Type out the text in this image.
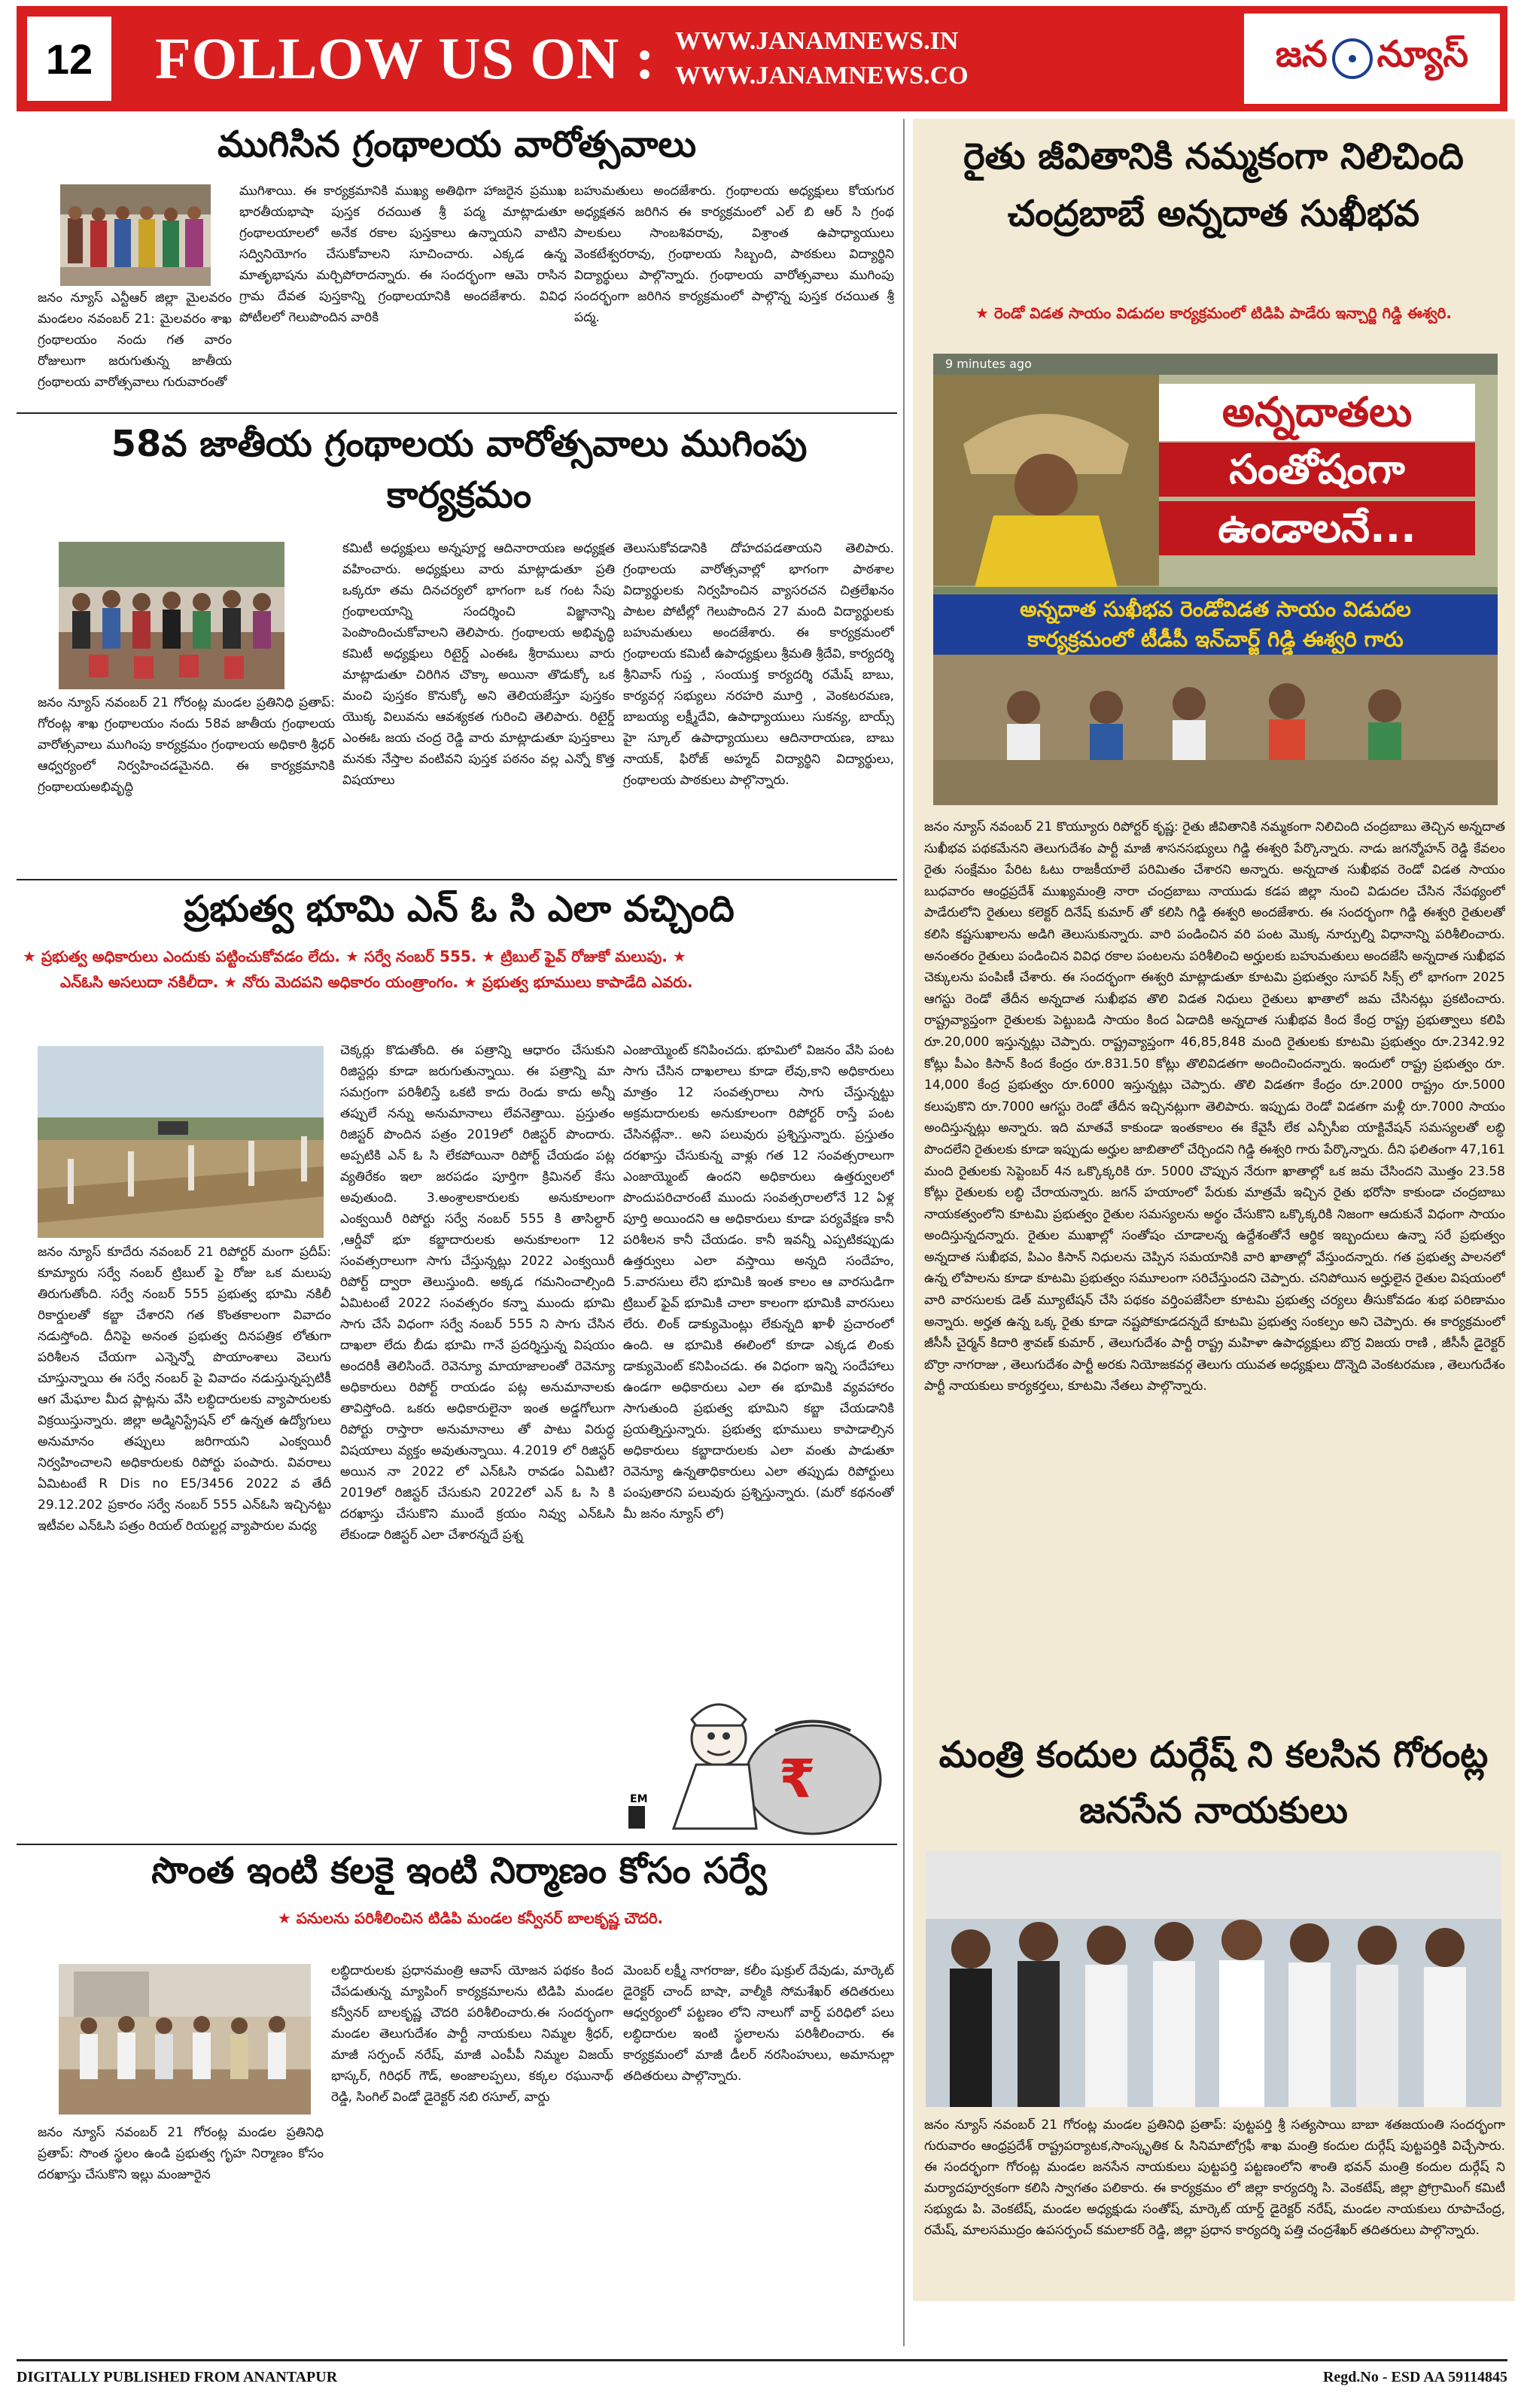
12	FOLLOW US ON : WWW.JANAMNEWS.IN
WWW.JANAMNEWS.CO
జన న్యూస్
ముగిసిన గ్రంథాలయ వారోత్సవాలు
జనం న్యూస్ ఎన్టీఆర్ జిల్లా మైలవరం మండలం నవంబర్ 21: మైలవరం శాఖ గ్రంథాలయం నందు గత వారం రోజులుగా జరుగుతున్న జాతీయ గ్రంథాలయ వారోత్సవాలు గురువారంతో
ముగిశాయి. ఈ కార్యక్రమానికి ముఖ్య అతిథిగా హాజరైన ప్రముఖ భారతీయభాషా పుస్తక రచయిత శ్రీ పద్మ మాట్లాడుతూ గ్రంథాలయాలలో అనేక రకాల పుస్తకాలు ఉన్నాయని వాటిని సద్వినియోగం చేసుకోవాలని సూచించారు. ఎక్కడ ఉన్న మాతృభాషను మర్చిపోరాదన్నారు. ఈ సందర్భంగా ఆమె రాసిన గ్రామ దేవత పుస్తకాన్ని గ్రంథాలయానికి అందజేశారు. వివిధ పోటీలలో గెలుపొందిన వారికి
బహుమతులు అందజేశారు. గ్రంథాలయ అధ్యక్షులు కోయగుర అధ్యక్షతన జరిగిన ఈ కార్యక్రమంలో ఎల్ బి ఆర్ సి గ్రంథ పాలకులు సాంబశివరావు, విశ్రాంత ఉపాధ్యాయులు వెంకటేశ్వరరావు, గ్రంథాలయ సిబ్బంది, పాఠకులు విద్యార్థిని విద్యార్థులు పాల్గొన్నారు. గ్రంథాలయ వారోత్సవాలు ముగింపు సందర్భంగా జరిగిన కార్యక్రమంలో పాల్గొన్న పుస్తక రచయిత శ్రీ పద్మ.
58వ జాతీయ గ్రంథాలయ వారోత్సవాలు ముగింపు కార్యక్రమం
జనం న్యూస్ నవంబర్ 21 గోరంట్ల మండల ప్రతినిధి ప్రతాప్: గోరంట్ల శాఖ గ్రంథాలయం నందు 58వ జాతీయ గ్రంథాలయ వారోత్సవాలు ముగింపు కార్యక్రమం గ్రంథాలయ అధికారి శ్రీధర్ ఆధ్వర్యంలో నిర్వహించడమైనది. ఈ కార్యక్రమానికి గ్రంథాలయఅభివృద్ధి
కమిటీ అధ్యక్షులు అన్నపూర్ణ ఆదినారాయణ అధ్యక్షత వహించారు. అధ్యక్షులు వారు మాట్లాడుతూ ప్రతి ఒక్కరూ తమ దినచర్యలో భాగంగా ఒక గంట సేపు గ్రంథాలయాన్ని సందర్శించి విజ్ఞానాన్ని పెంపొందించుకోవాలని తెలిపారు. గ్రంథాలయ అభివృద్ధి కమిటీ అధ్యక్షులు రిటైర్డ్ ఎంఈఓ శ్రీరాములు వారు మాట్లాడుతూ చిరిగిన చొక్కా అయినా తొడుక్కో ఒక మంచి పుస్తకం కొనుక్కో అని తెలియజేస్తూ పుస్తకం యొక్క విలువను ఆవశ్యకత గురించి తెలిపారు. రిటైర్డ్ ఎంఈఓ జయ చంద్ర రెడ్డి వారు మాట్లాడుతూ పుస్తకాలు మనకు నేస్తాల వంటివని పుస్తక పఠనం వల్ల ఎన్నో కొత్త విషయాలు
తెలుసుకోవడానికి దోహదపడతాయని తెలిపారు. గ్రంథాలయ వారోత్సవాల్లో భాగంగా పాఠశాల విద్యార్థులకు నిర్వహించిన వ్యాసరచన చిత్రలేఖనం పాటల పోటీల్లో గెలుపొందిన 27 మంది విద్యార్థులకు బహుమతులు అందజేశారు. ఈ కార్యక్రమంలో గ్రంథాలయ కమిటీ ఉపాధ్యక్షులు శ్రీమతి శ్రీదేవి, కార్యదర్శి శ్రీనివాస్ గుప్త , సంయుక్త కార్యదర్శి రమేష్ బాబు, కార్యవర్గ సభ్యులు నరహరి మూర్తి , వెంకటరమణ, బాబయ్య లక్ష్మీదేవి, ఉపాధ్యాయులు సుకన్య, బాయ్స్ హై స్కూల్ ఉపాధ్యాయులు ఆదినారాయణ, బాబు నాయక్, ఫిరోజ్ అహ్మద్ విద్యార్థిని విద్యార్థులు, గ్రంథాలయ పాఠకులు పాల్గొన్నారు.
ప్రభుత్వ భూమి ఎన్ ఓ సి ఎలా వచ్చింది
★ ప్రభుత్వ అధికారులు ఎందుకు పట్టించుకోవడం లేదు. ★ సర్వే నంబర్ 555. ★ ట్రిబుల్ ఫైవ్ రోజుకో మలుపు. ★
ఎన్ఓసి అసలుదా నకిలీదా. ★ నోరు మెదపని అధికారం యంత్రాంగం. ★ ప్రభుత్వ భూములు కాపాడేది ఎవరు.
జనం న్యూస్ కూదేరు నవంబర్ 21 రిపోర్టర్ మంగా ప్రదీప్: కూమ్యారు సర్వే నంబర్ ట్రిబుల్ ఫై రోజు ఒక మలుపు తిరుగుతోంది. సర్వే నంబర్ 555 ప్రభుత్వ భూమి నకిలీ రికార్డులతో కబ్జా చేశారని గత కొంతకాలంగా వివాదం నడుస్తోంది. దీనిపై అనంత ప్రభుత్వ దినపత్రిక లోతుగా పరిశీలన చేయగా ఎన్నెన్నో పొయాంశాలు వెలుగు చూస్తున్నాయి ఈ సర్వే నంబర్ పై వివాదం నడుస్తున్నప్పటికీ ఆగ మేఘాల మీద ప్లాట్లను వేసి లబ్ధిదారులకు వ్యాపారులకు విక్రయిస్తున్నారు. జిల్లా అడ్మినిస్ట్రేషన్ లో ఉన్నత ఉద్యోగులు అనుమానం తప్పులు జరిగాయని ఎంక్వయిరీ నిర్వహించాలని అధికారులకు రిపోర్టు పంపారు. వివరాలు ఏమిటంటే R Dis no E5/3456 2022 వ తేదీ 29.12.202 ప్రకారం సర్వే నంబర్ 555 ఎన్ఓసి ఇచ్చినట్టు ఇటీవల ఎన్ఓసి పత్రం రియల్ రియల్టర్ల వ్యాపారుల మధ్య
చెక్కర్లు కొడుతోంది. ఈ పత్రాన్ని ఆధారం చేసుకుని రిజిస్టర్లు కూడా జరుగుతున్నాయి. ఈ పత్రాన్ని మా సమగ్రంగా పరిశీలిస్తే ఒకటి కాదు రెండు కాదు అన్నీ తప్పులే నన్ను అనుమానాలు లేవనెత్తాయి. ప్రస్తుతం రిజిస్టర్ పొందిన పత్రం 2019లో రిజిస్టర్ పొందారు. అప్పటికి ఎన్ ఓ సి లేకపోయినా రిపోర్ట్ చేయడం పట్ల వ్యతిరేకం ఇలా జరపడం పూర్తిగా క్రిమినల్ కేసు అవుతుంది. 3.అంశ్రాలకారులకు అనుకూలంగా ఎంక్వయిరీ రిపోర్టు సర్వే నంబర్ 555 కి తాసిల్దార్ ,ఆర్డీవో భూ కబ్జాదారులకు అనుకూలంగా 12 సంవత్సరాలుగా సాగు చేస్తున్నట్లు 2022 ఎంక్వయిరీ రిపోర్ట్ ద్వారా తెలుస్తుంది. అక్కడ గమనించాల్సింది ఏమిటంటే 2022 సంవత్సరం కన్నా ముందు భూమి సాగు చేసే విధంగా సర్వే నంబర్ 555 ని సాగు చేసిన దాఖలా లేదు బీడు భూమి గానే ప్రదర్శిస్తున్న విషయం అందరికీ తెలిసిందే. రెవెన్యూ మాయాజాలంతో రెవెన్యూ అధికారులు రిపోర్ట్ రాయడం పట్ల అనుమానాలకు తావిస్తోంది. ఒకరు అధికారులైనా ఇంత అడ్డగోలుగా రిపోర్టు రాస్తారా అనుమానాలు తో పాటు విరుద్ధ విషయాలు వ్యక్తం అవుతున్నాయి. 4.2019 లో రిజిస్టర్ అయిన నా 2022 లో ఎన్ఓసి రావడం ఏమిటి? 2019లో రిజిస్టర్ చేసుకుని 2022లో ఎన్ ఓ సి కి దరఖాస్తు చేసుకొని ముందే క్రయం నివ్వు ఎన్ఓసి లేకుండా రిజిస్టర్ ఎలా చేశారన్నదే ప్రశ్న
ఎంజాయ్మెంట్ కనిపించదు. భూమిలో విజనం వేసి పంట సాగు చేసిన దాఖలాలు కూడా లేవు,కాని అధికారులు మాత్రం 12 సంవత్సరాలు సాగు చేస్తున్నట్టు అక్రమదారులకు అనుకూలంగా రిపోర్టర్ రాస్తే పంట చేసినట్లేనా.. అని పలువురు ప్రశ్నిస్తున్నారు. ప్రస్తుతం దరఖాస్తు చేసుకున్న వాళ్లు గత 12 సంవత్సరాలుగా ఎంజాయ్మెంట్ ఉందని అధికారులు ఉత్తర్వులలో పొందుపరిచారంటే ముందు సంవత్సరాలలోనే 12 ఏళ్ల పూర్తి అయిందని ఆ అధికారులు కూడా పర్యవేక్షణ కానీ పరిశీలన కానీ చేయడం. కానీ ఇవన్నీ ఎప్పటికప్పుడు ఉత్తర్వులు ఎలా వస్తాయి అన్నది సందేహం, 5.వారసులు లేని భూమికి ఇంత కాలం ఆ వారసుడిగా ట్రిబుల్ ఫైవ్ భూమికి చాలా కాలంగా భూమికి వారసులు లేరు. లింక్ డాక్యుమెంట్లు లేకున్నది ఖాళీ ప్రచారంలో ఉంది. ఆ భూమికి ఈలింలో కూడా ఎక్కడ లింకు డాక్యుమెంట్ కనిపించడు. ఈ విధంగా ఇన్ని సందేహాలు ఉండగా అధికారులు ఎలా ఈ భూమికి వ్యవహారం సాగుతుంది ప్రభుత్వ భూమిని కబ్జా చేయడానికి ప్రయత్నిస్తున్నారు. ప్రభుత్వ భూములు కాపాడాల్సిన అధికారులు కబ్జాదారులకు ఎలా వంతు పాడుతూ రెవెన్యూ ఉన్నతాధికారులు ఎలా తప్పుడు రిపోర్టులు పంపుతారని పలువురు ప్రశ్నిస్తున్నారు. (మరో కథనంతో మీ జనం న్యూస్ లో)
₹
EM
సొంత ఇంటి కలకై ఇంటి నిర్మాణం కోసం సర్వే
★ పనులను పరిశీలించిన టిడిపి మండల కన్వీనర్ బాలకృష్ణ చౌదరి.
జనం న్యూస్ నవంబర్ 21 గోరంట్ల మండల ప్రతినిధి ప్రతాప్: సొంత స్థలం ఉండి ప్రభుత్వ గృహ నిర్మాణం కోసం దరఖాస్తు చేసుకొని ఇల్లు మంజూరైన
లబ్ధిదారులకు ప్రధానమంత్రి ఆవాస్ యోజన పథకం కింద చేపడుతున్న మ్యాపింగ్ కార్యక్రమాలను టిడిపి మండల కన్వీనర్ బాలకృష్ణ చౌదరి పరిశీలించారు.ఈ సందర్భంగా మండల తెలుగుదేశం పార్టీ నాయకులు నిమ్మల శ్రీధర్, మాజీ సర్పంచ్ నరేష్, మాజీ ఎంపీపీ నిమ్మల విజయ్ భాస్కర్, గిరిధర్ గౌడ్, అంజాలప్పలు, కక్కల రఘునాథ్ రెడ్డి, సింగిల్ విండో డైరెక్టర్ నబి రసూల్, వార్డు
మెంబర్ లక్ష్మీ నాగరాజు, కలీం షుక్రుల్ దేవుడు, మార్కెట్ డైరెక్టర్ చాంద్ బాషా, వాల్మీకి సోమశేఖర్ తదితరులు ఆధ్వర్యంలో పట్టణం లోని నాలుగో వార్డ్ పరిధిలో పలు లబ్ధిదారుల ఇంటి స్థలాలను పరిశీలించారు. ఈ కార్యక్రమంలో మాజీ డీలర్ నరసింహులు, అమానుల్లా తదితరులు పాల్గొన్నారు.
రైతు జీవితానికి నమ్మకంగా నిలిచింది చంద్రబాబే అన్నదాత సుఖీభవ
★ రెండో విడత సాయం విడుదల కార్యక్రమంలో టిడిపి పాడేరు ఇన్చార్జి గిడ్డి ఈశ్వరి.
9 minutes ago
అన్నదాతలు
సంతోషంగా
ఉండాలనే...
అన్నదాత సుఖీభవ రెండోవిడత సాయం విడుదల
కార్యక్రమంలో టీడీపీ ఇన్‌చార్జ్ గిడ్డి ఈశ్వరి గారు
జనం న్యూస్ నవంబర్ 21 కొయ్యూరు రిపోర్టర్ కృష్ణ: రైతు జీవితానికి నమ్మకంగా నిలిచింది చంద్రబాబు తెచ్చిన అన్నదాత సుఖీభవ పథకమేనని తెలుగుదేశం పార్టీ మాజీ శాసనసభ్యులు గిడ్డి ఈశ్వరి పేర్కొన్నారు. నాడు జగన్మోహన్ రెడ్డి కేవలం రైతు సంక్షేమం పేరిట ఓటు రాజకీయాలే పరిమితం చేశారని అన్నారు. అన్నదాత సుఖీభవ రెండో విడత సాయం బుధవారం ఆంధ్రప్రదేశ్ ముఖ్యమంత్రి నారా చంద్రబాబు నాయుడు కడప జిల్లా నుంచి విడుదల చేసిన నేపథ్యంలో పాడేరులోని రైతులు కలెక్టర్ దినేష్ కుమార్ తో కలిసి గిడ్డి ఈశ్వరి అందజేశారు. ఈ సందర్భంగా గిడ్డి ఈశ్వరి రైతులతో కలిసి కష్టసుఖాలను అడిగి తెలుసుకున్నారు. వారి పండించిన వరి పంట మొక్క నూర్పుల్ని విధానాన్ని పరిశీలించారు. అనంతరం రైతులు పండించిన వివిధ రకాల పంటలను పరిశీలించి అర్హులకు బహుమతులు అందజేసి అన్నదాత సుఖీభవ చెక్కులను పంపిణీ చేశారు. ఈ సందర్భంగా ఈశ్వరి మాట్లాడుతూ కూటమి ప్రభుత్వం సూపర్ సిక్స్ లో భాగంగా 2025 ఆగస్టు రెండో తేదీన అన్నదాత సుఖీభవ తొలి విడత నిధులు రైతులు ఖాతాలో జమ చేసినట్లు ప్రకటించారు. రాష్ట్రవ్యాప్తంగా రైతులకు పెట్టుబడి సాయం కింద ఏడాదికి అన్నదాత సుఖీభవ కింద కేంద్ర రాష్ట్ర ప్రభుత్వాలు కలిపి రూ.20,000 ఇస్తున్నట్లు చెప్పారు. రాష్ట్రవ్యాప్తంగా 46,85,848 మంది రైతులకు కూటమి ప్రభుత్వం రూ.2342.92 కోట్లు పీఎం కిసాన్ కింద కేంద్రం రూ.831.50 కోట్లు తొలివిడతగా అందించిందన్నారు. ఇందులో రాష్ట్ర ప్రభుత్వం రూ. 14,000 కేంద్ర ప్రభుత్వం రూ.6000 ఇస్తున్నట్లు చెప్పారు. తొలి విడతగా కేంద్రం రూ.2000 రాష్ట్రం రూ.5000 కలుపుకొని రూ.7000 ఆగస్టు రెండో తేదీన ఇచ్చినట్లుగా తెలిపారు. ఇప్పుడు రెండో విడతగా మళ్లీ రూ.7000 సాయం అందిస్తున్నట్లు అన్నారు. ఇది మాతవే కాకుండా ఇంతకాలం ఈ కేవైసీ లేక ఎన్పీసీఐ యాక్టివేషన్ సమస్యలతో లబ్ధి పొందలేని రైతులకు కూడా ఇప్పుడు అర్హుల జాబితాలో చేర్చిందని గిడ్డి ఈశ్వరి గారు పేర్కొన్నారు. దీని ఫలితంగా 47,161 మంది రైతులకు సెప్టెంబర్ 4న ఒక్కొక్కరికి రూ. 5000 చొప్పున నేరుగా ఖాతాల్లో ఒక జమ చేసిందని మొత్తం 23.58 కోట్లు రైతులకు లబ్ధి చేరాయన్నారు. జగన్ హయాంలో పేరుకు మాత్రమే ఇచ్చిన రైతు భరోసా కాకుండా చంద్రబాబు నాయకత్వంలోని కూటమి ప్రభుత్వం రైతుల సమస్యలను అర్థం చేసుకొని ఒక్కొక్కరికి నిజంగా ఆదుకునే విధంగా సాయం అందిస్తున్నదన్నారు. రైతుల ముఖాల్లో సంతోషం చూడాలన్న ఉద్దేశంతోనే ఆర్థిక ఇబ్బందులు ఉన్నా సరే ప్రభుత్వం అన్నదాత సుఖీభవ, పిఎం కిసాన్ నిధులను చెప్పిన సమయానికి వారి ఖాతాల్లో వేస్తుందన్నారు. గత ప్రభుత్వ పాలనలో ఉన్న లోపాలను కూడా కూటమి ప్రభుత్వం సమూలంగా సరిచేస్తుందని చెప్పారు. చనిపోయిన అర్హులైన రైతుల విషయంలో వారి వారసులకు డెత్ మ్యూటేషన్ చేసి పథకం వర్తింపజేసేలా కూటమి ప్రభుత్వ చర్యలు తీసుకోవడం శుభ పరిణామం అన్నారు. అర్హత ఉన్న ఒక్క రైతు కూడా నష్టపోకూడదన్నదే కూటమి ప్రభుత్వ సంకల్పం అని చెప్పారు. ఈ కార్యక్రమంలో జీసీసీ చైర్మన్ కిదారి శ్రావణ్ కుమార్ , తెలుగుదేశం పార్టీ రాష్ట్ర మహిళా ఉపాధ్యక్షులు బొర్ర విజయ రాణి , జీసీసీ డైరెక్టర్ బొర్రా నాగరాజు , తెలుగుదేశం పార్టీ అరకు నియోజకవర్గ తెలుగు యువత అధ్యక్షులు దొన్నెది వెంకటరమణ , తెలుగుదేశం పార్టీ నాయకులు కార్యకర్తలు, కూటమి నేతలు పాల్గొన్నారు.
మంత్రి కందుల దుర్గేష్ ని కలసిన గోరంట్ల జనసేన నాయకులు
జనం న్యూస్ నవంబర్ 21 గోరంట్ల మండల ప్రతినిధి ప్రతాప్: పుట్టపర్తి శ్రీ సత్యసాయి బాబా శతజయంతి సందర్భంగా గురువారం ఆంధ్రప్రదేశ్ రాష్ట్రపర్యాటక,సాంస్కృతిక & సినిమాటోగ్రఫీ శాఖ మంత్రి కందుల దుర్గేష్ పుట్టపర్తికి విచ్చేసారు. ఈ సందర్భంగా గోరంట్ల మండల జనసేన నాయకులు పుట్టపర్తి పట్టణంలోని శాంతి భవన్ మంత్రి కందుల దుర్గేష్ ని మర్యాదపూర్వకంగా కలిసి స్వాగతం పలికారు. ఈ కార్యక్రమం లో జిల్లా కార్యదర్శి సి. వెంకటేష్, జిల్లా ప్రోగ్రామింగ్ కమిటీ సభ్యుడు పి. వెంకటేష్, మండల అధ్యక్షుడు సంతోష్, మార్కెట్ యార్డ్ డైరెక్టర్ నరేష్, మండల నాయకులు రూపాచేంద్ర, రమేష్, మాలసముద్రం ఉపసర్పంచ్ కమలాకర్ రెడ్డి, జిల్లా ప్రధాన కార్యదర్శి పత్తి చంద్రశేఖర్ తదితరులు పాల్గొన్నారు.
DIGITALLY PUBLISHED FROM ANANTAPUR	Regd.No - ESD AA 59114845
